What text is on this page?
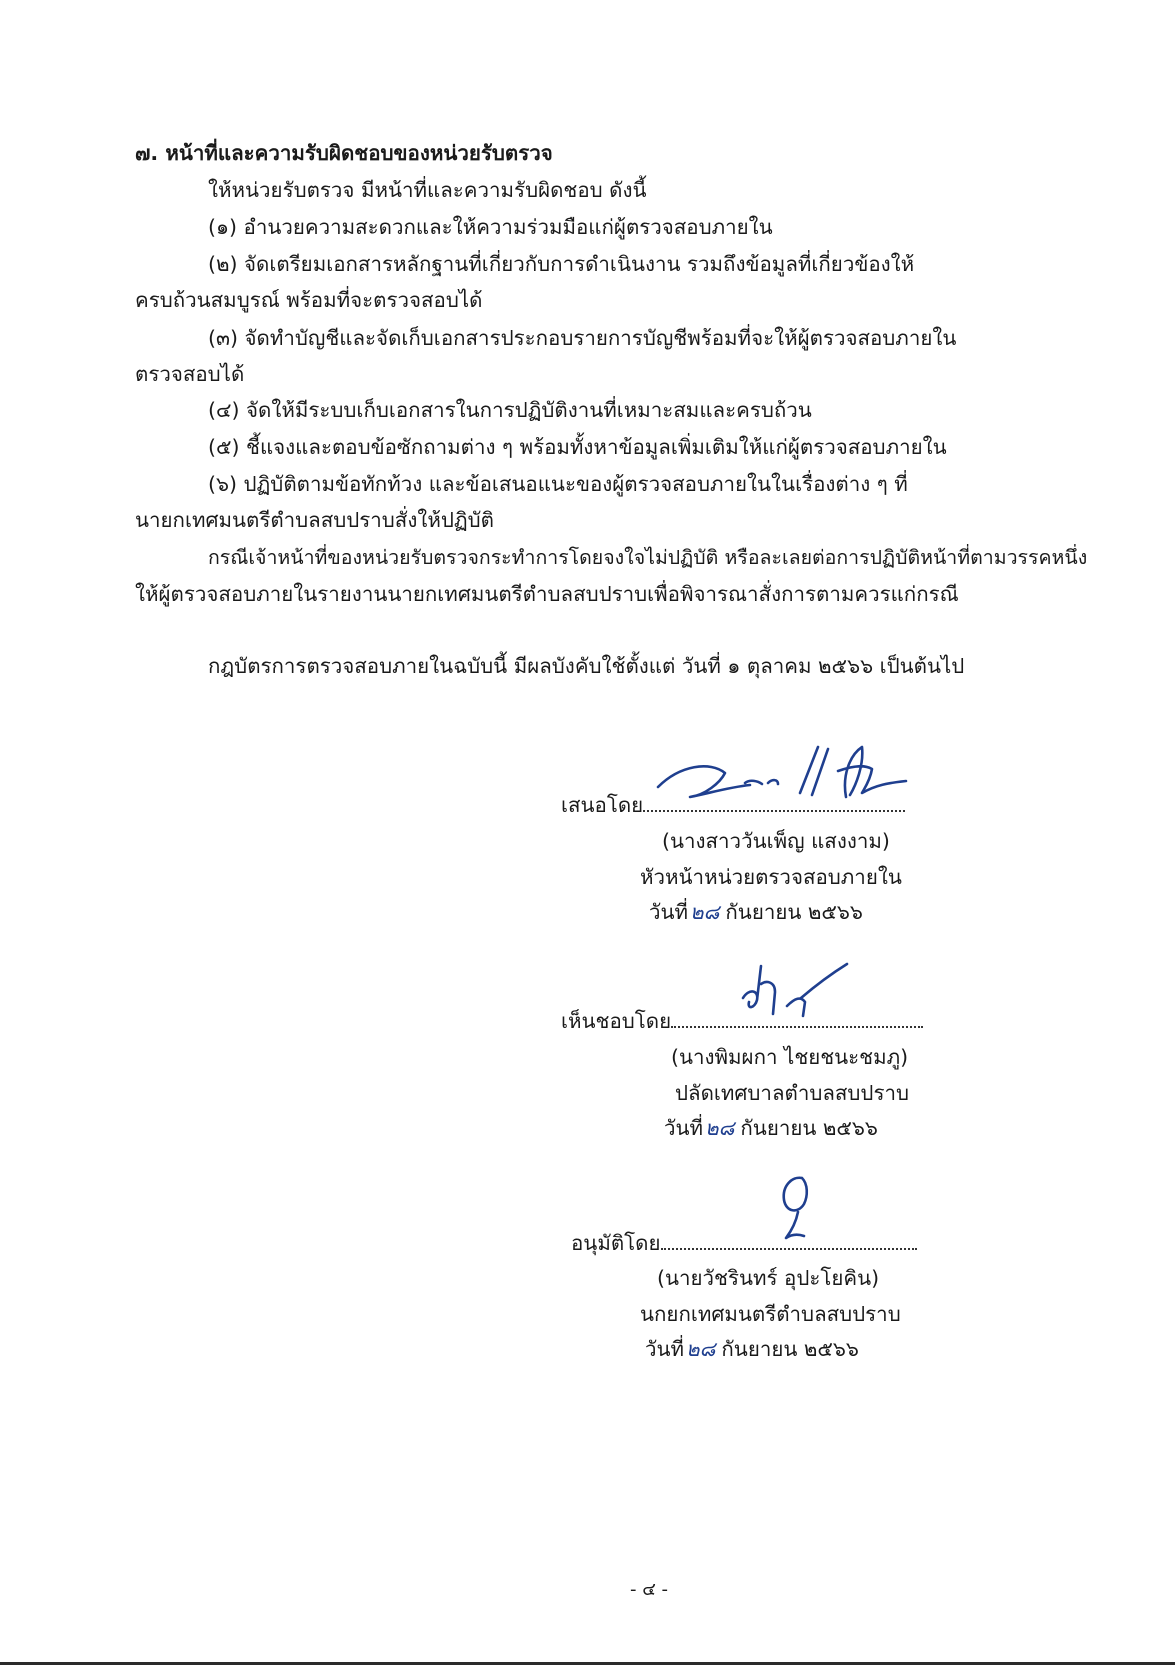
๗. หน้าที่และความรับผิดชอบของหน่วยรับตรวจ
ให้หน่วยรับตรวจ มีหน้าที่และความรับผิดชอบ ดังนี้
(๑) อำนวยความสะดวกและให้ความร่วมมือแก่ผู้ตรวจสอบภายใน
(๒) จัดเตรียมเอกสารหลักฐานที่เกี่ยวกับการดำเนินงาน รวมถึงข้อมูลที่เกี่ยวข้องให้
ครบถ้วนสมบูรณ์ พร้อมที่จะตรวจสอบได้
(๓) จัดทำบัญชีและจัดเก็บเอกสารประกอบรายการบัญชีพร้อมที่จะให้ผู้ตรวจสอบภายใน
ตรวจสอบได้
(๔) จัดให้มีระบบเก็บเอกสารในการปฏิบัติงานที่เหมาะสมและครบถ้วน
(๕) ชี้แจงและตอบข้อซักถามต่าง ๆ พร้อมทั้งหาข้อมูลเพิ่มเติมให้แก่ผู้ตรวจสอบภายใน
(๖) ปฏิบัติตามข้อทักท้วง และข้อเสนอแนะของผู้ตรวจสอบภายในในเรื่องต่าง ๆ ที่
นายกเทศมนตรีตำบลสบปราบสั่งให้ปฏิบัติ
กรณีเจ้าหน้าที่ของหน่วยรับตรวจกระทำการโดยจงใจไม่ปฏิบัติ หรือละเลยต่อการปฏิบัติหน้าที่ตามวรรคหนึ่ง
ให้ผู้ตรวจสอบภายในรายงานนายกเทศมนตรีตำบลสบปราบเพื่อพิจารณาสั่งการตามควรแก่กรณี
กฎบัตรการตรวจสอบภายในฉบับนี้ มีผลบังคับใช้ตั้งแต่ วันที่ ๑ ตุลาคม ๒๕๖๖ เป็นต้นไป
เสนอโดย
(นางสาววันเพ็ญ แสงงาม)
หัวหน้าหน่วยตรวจสอบภายใน
วันที่๒๘ กันยายน ๒๕๖๖
เห็นชอบโดย
(นางพิมผกา ไชยชนะชมภู)
ปลัดเทศบาลตำบลสบปราบ
วันที่๒๘ กันยายน ๒๕๖๖
อนุมัติโดย
(นายวัชรินทร์ อุปะโยคิน)
นกยกเทศมนตรีตำบลสบปราบ
วันที่๒๘ กันยายน ๒๕๖๖
- ๔ -
